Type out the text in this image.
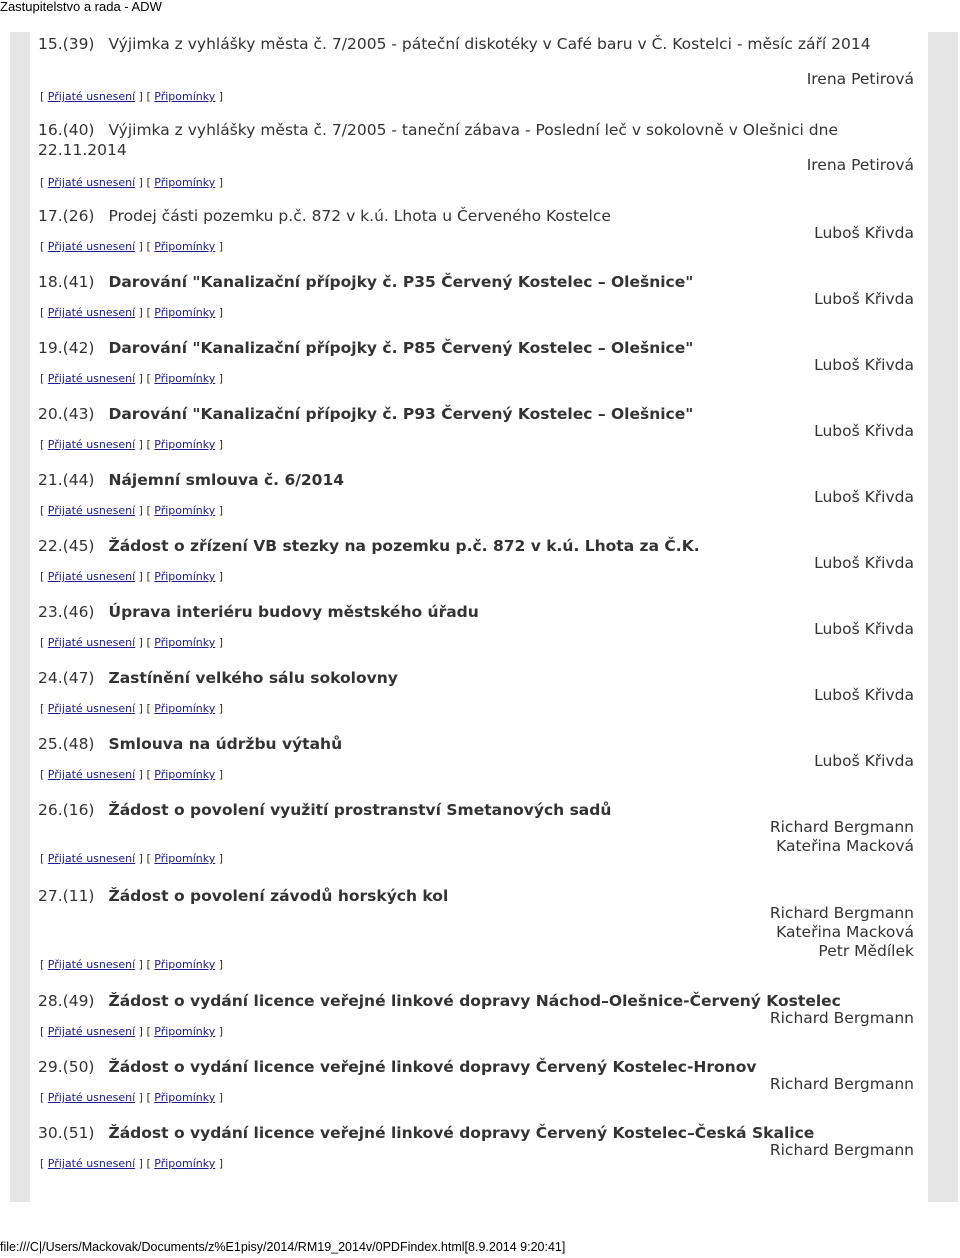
Zastupitelstvo a rada - ADW
15.(39) Výjimka z vyhlášky města č. 7/2005 - páteční diskotéky v Café baru v Č. Kostelci - měsíc září 2014
Irena Petirová
[ Přijaté usnesení ] [ Připomínky ]
16.(40) Výjimka z vyhlášky města č. 7/2005 - taneční zábava - Poslední leč v sokolovně v Olešnici dne 22.11.2014
Irena Petirová
[ Přijaté usnesení ] [ Připomínky ]
17.(26) Prodej části pozemku p.č. 872 v k.ú. Lhota u Červeného Kostelce
Luboš Křivda
[ Přijaté usnesení ] [ Připomínky ]
18.(41) Darování "Kanalizační přípojky č. P35 Červený Kostelec – Olešnice"
Luboš Křivda
[ Přijaté usnesení ] [ Připomínky ]
19.(42) Darování "Kanalizační přípojky č. P85 Červený Kostelec – Olešnice"
Luboš Křivda
[ Přijaté usnesení ] [ Připomínky ]
20.(43) Darování "Kanalizační přípojky č. P93 Červený Kostelec – Olešnice"
Luboš Křivda
[ Přijaté usnesení ] [ Připomínky ]
21.(44) Nájemní smlouva č. 6/2014
Luboš Křivda
[ Přijaté usnesení ] [ Připomínky ]
22.(45) Žádost o zřízení VB stezky na pozemku p.č. 872 v k.ú. Lhota za Č.K.
Luboš Křivda
[ Přijaté usnesení ] [ Připomínky ]
23.(46) Úprava interiéru budovy městského úřadu
Luboš Křivda
[ Přijaté usnesení ] [ Připomínky ]
24.(47) Zastínění velkého sálu sokolovny
Luboš Křivda
[ Přijaté usnesení ] [ Připomínky ]
25.(48) Smlouva na údržbu výtahů
Luboš Křivda
[ Přijaté usnesení ] [ Připomínky ]
26.(16) Žádost o povolení využití prostranství Smetanových sadů
Richard Bergmann
Kateřina Macková
[ Přijaté usnesení ] [ Připomínky ]
27.(11) Žádost o povolení závodů horských kol
Richard Bergmann
Kateřina Macková
Petr Mědílek
[ Přijaté usnesení ] [ Připomínky ]
28.(49) Žádost o vydání licence veřejné linkové dopravy Náchod–Olešnice-Červený Kostelec
Richard Bergmann
[ Přijaté usnesení ] [ Připomínky ]
29.(50) Žádost o vydání licence veřejné linkové dopravy Červený Kostelec-Hronov
Richard Bergmann
[ Přijaté usnesení ] [ Připomínky ]
30.(51) Žádost o vydání licence veřejné linkové dopravy Červený Kostelec–Česká Skalice
Richard Bergmann
[ Přijaté usnesení ] [ Připomínky ]
file:///C|/Users/Mackovak/Documents/z%E1pisy/2014/RM19_2014v/0PDFindex.html[8.9.2014 9:20:41]
